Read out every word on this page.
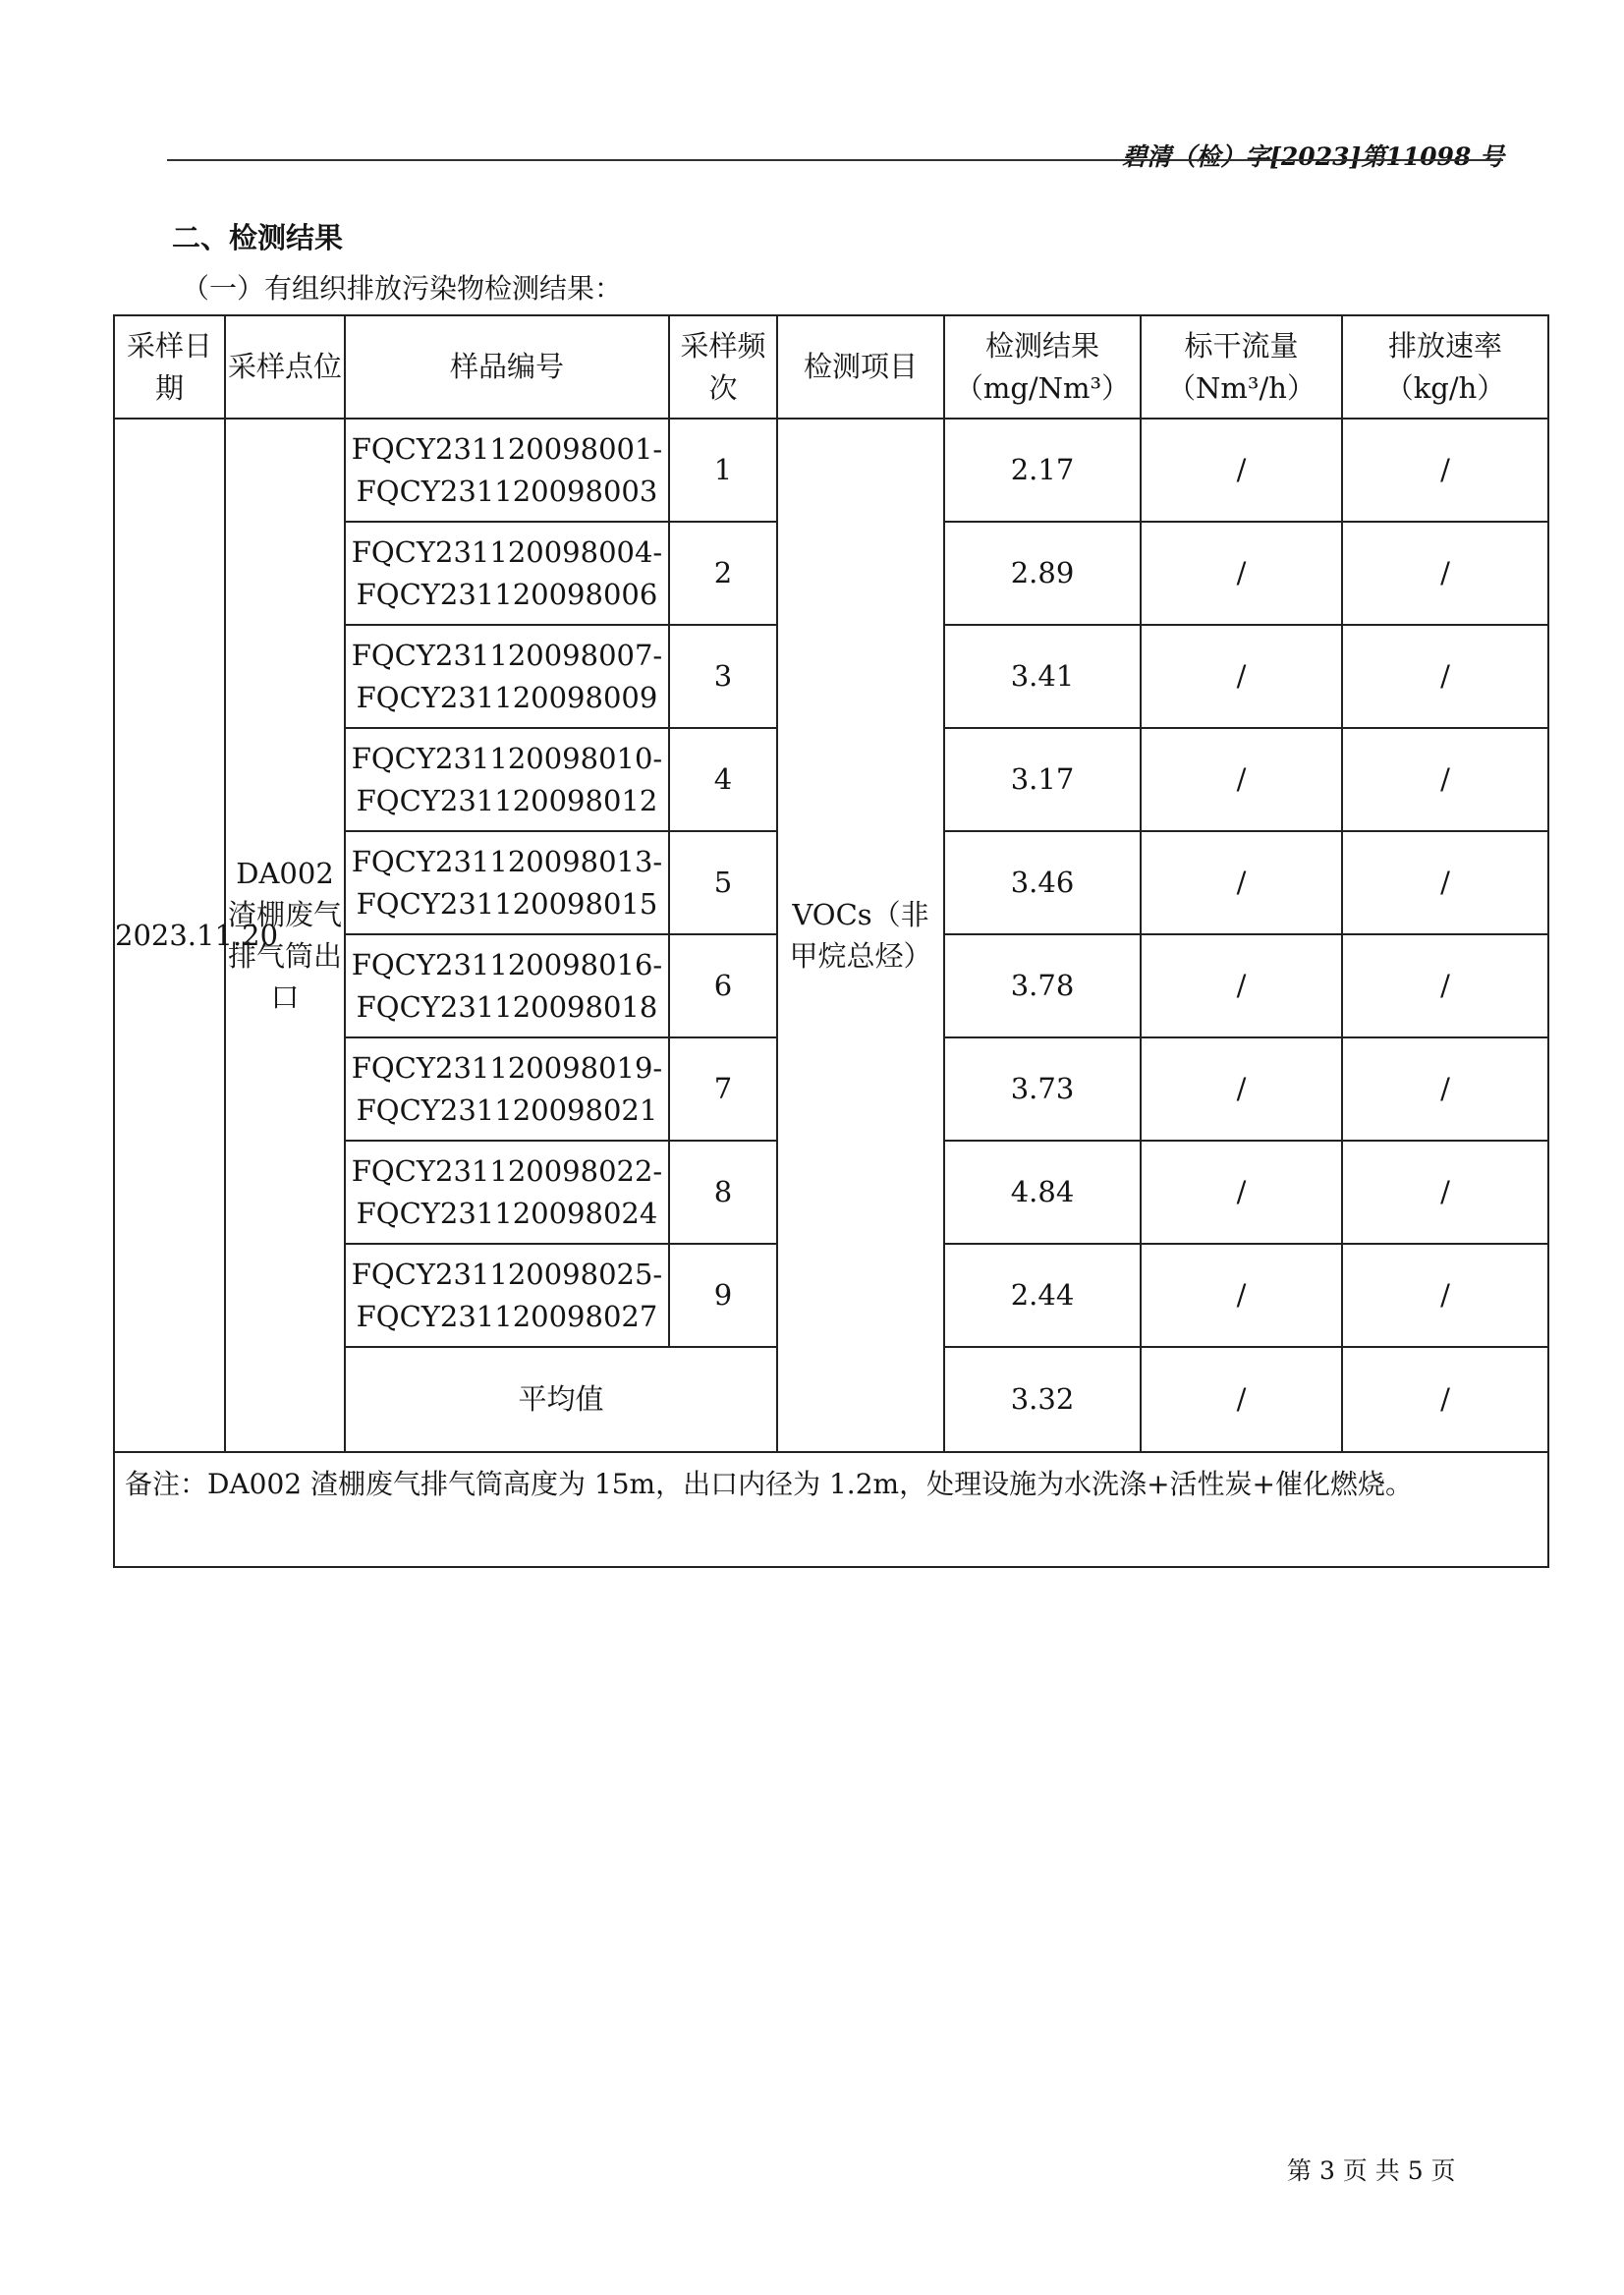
碧清（检）字[2023]第11098 号
二、检测结果
（一）有组织排放污染物检测结果：
采样日期	采样点位	样品编号	采样频次	检测项目	检测结果（mg/Nm³）	标干流量（Nm³/h）	排放速率（kg/h）
2023.11.20	DA002渣棚废气排气筒出口	FQCY231120098001-
FQCY231120098003	1	VOCs（非甲烷总烃）	2.17	/	/
		FQCY231120098004-
FQCY231120098006	2		2.89	/	/
		FQCY231120098007-
FQCY231120098009	3		3.41	/	/
		FQCY231120098010-
FQCY231120098012	4		3.17	/	/
		FQCY231120098013-
FQCY231120098015	5		3.46	/	/
		FQCY231120098016-
FQCY231120098018	6		3.78	/	/
		FQCY231120098019-
FQCY231120098021	7		3.73	/	/
		FQCY231120098022-
FQCY231120098024	8		4.84	/	/
		FQCY231120098025-
FQCY231120098027	9		2.44	/	/
		平均值			3.32	/	/
备注：DA002 渣棚废气排气筒高度为 15m，出口内径为 1.2m，处理设施为水洗涤+活性炭+催化燃烧。							
第 3 页 共 5 页
